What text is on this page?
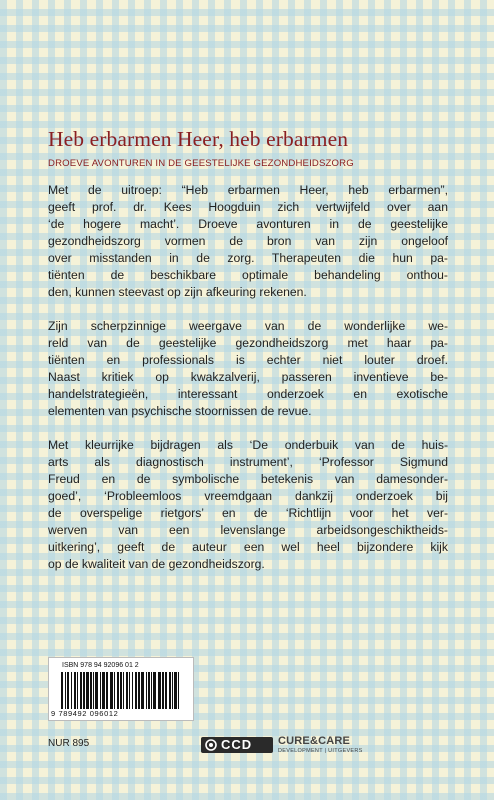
Heb erbarmen Heer, heb erbarmen
DROEVE AVONTUREN IN DE GEESTELIJKE GEZONDHEIDSZORG

Met de uitroep: “Heb erbarmen Heer, heb erbarmen”,
geeft prof. dr. Kees Hoogduin zich vertwijfeld over aan
‘de hogere macht’. Droeve avonturen in de geestelijke
gezondheidszorg vormen de bron van zijn ongeloof
over misstanden in de zorg. Therapeuten die hun pa-
tiënten de beschikbare optimale behandeling onthou-
den, kunnen steevast op zijn afkeuring rekenen.

Zijn scherpzinnige weergave van de wonderlijke we-
reld van de geestelijke gezondheidszorg met haar pa-
tiënten en professionals is echter niet louter droef.
Naast kritiek op kwakzalverij, passeren inventieve be-
handelstrategieën, interessant onderzoek en exotische
elementen van psychische stoornissen de revue.

Met kleurrijke bijdragen als ‘De onderbuik van de huis-
arts als diagnostisch instrument’, ‘Professor Sigmund
Freud en de symbolische betekenis van damesonder-
goed’, ‘Probleemloos vreemdgaan dankzij onderzoek bij
de overspelige rietgors’ en de ‘Richtlijn voor het ver-
werven van een levenslange arbeidsongeschiktheids-
uitkering’, geeft de auteur een wel heel bijzondere kijk
op de kwaliteit van de gezondheidszorg.

ISBN 978 94 92096 01 2
9 789492 096012
NUR 895	CCD CURE&CARE
DEVELOPMENT | UITGEVERS
